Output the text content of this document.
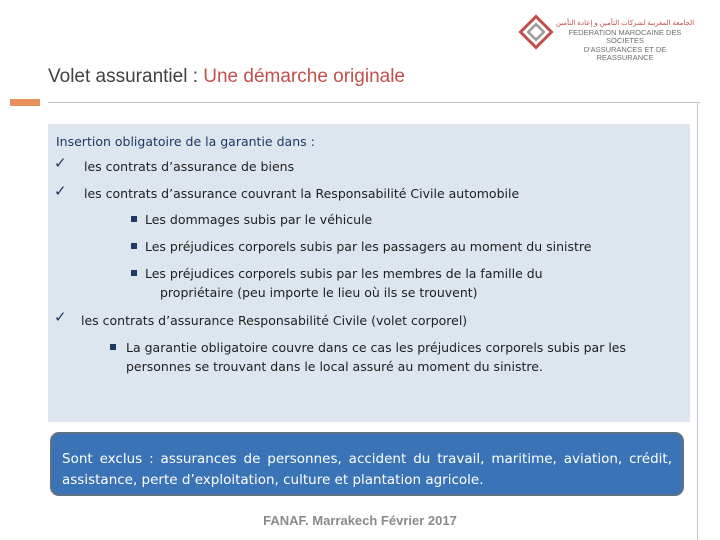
الجامعة المغربية لشركات التأمين و إعادة التأمين
FEDERATION MAROCAINE DES SOCIETES
D'ASSURANCES ET DE REASSURANCE
Volet assurantiel : Une démarche originale
Insertion obligatoire de la garantie dans :
✓ les contrats d’assurance de biens
✓ les contrats d’assurance couvrant la Responsabilité Civile automobile
Les dommages subis par le véhicule
Les préjudices corporels subis par les passagers au moment du sinistre
Les préjudices corporels subis par les membres de la famille du
propriétaire (peu importe le lieu où ils se trouvent)
✓ les contrats d’assurance Responsabilité Civile (volet corporel)
La garantie obligatoire couvre dans ce cas les préjudices corporels subis par les
personnes se trouvant dans le local assuré au moment du sinistre.
Sont exclus : assurances de personnes, accident du travail, maritime, aviation, crédit, assistance, perte d’exploitation, culture et plantation agricole.
FANAF. Marrakech Février 2017
